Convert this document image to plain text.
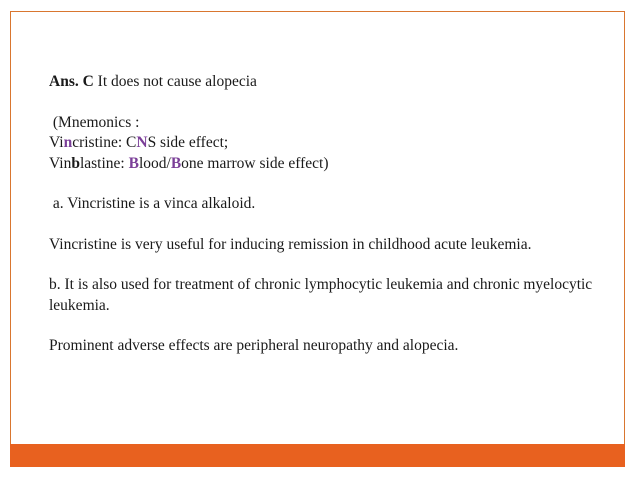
Ans. C It does not cause alopecia
(Mnemonics :
Vincristine: CNS side effect;
Vinblastine: Blood/Bone marrow side effect)
a. Vincristine is a vinca alkaloid.
Vincristine is very useful for inducing remission in childhood acute leukemia.
b. It is also used for treatment of chronic lymphocytic leukemia and chronic myelocytic leukemia.
Prominent adverse effects are peripheral neuropathy and alopecia.
